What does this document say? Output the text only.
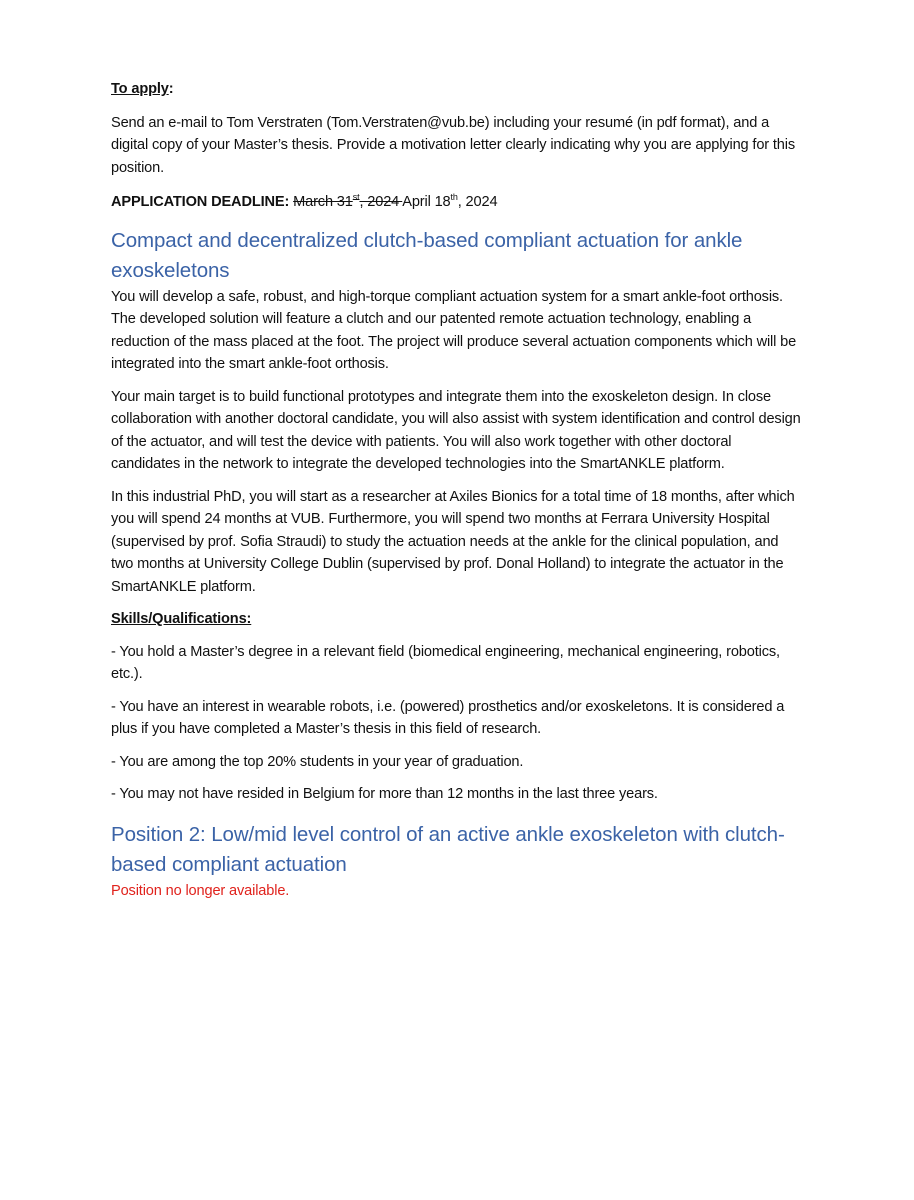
To apply:

Send an e-mail to Tom Verstraten (Tom.Verstraten@vub.be) including your resumé (in pdf format), and a digital copy of your Master’s thesis. Provide a motivation letter clearly indicating why you are applying for this position.

APPLICATION DEADLINE: March 31st, 2024 April 18th, 2024

Compact and decentralized clutch-based compliant actuation for ankle exoskeletons

You will develop a safe, robust, and high-torque compliant actuation system for a smart ankle-foot orthosis. The developed solution will feature a clutch and our patented remote actuation technology, enabling a reduction of the mass placed at the foot. The project will produce several actuation components which will be integrated into the smart ankle-foot orthosis.

Your main target is to build functional prototypes and integrate them into the exoskeleton design. In close collaboration with another doctoral candidate, you will also assist with system identification and control design of the actuator, and will test the device with patients. You will also work together with other doctoral candidates in the network to integrate the developed technologies into the SmartANKLE platform.

In this industrial PhD, you will start as a researcher at Axiles Bionics for a total time of 18 months, after which you will spend 24 months at VUB. Furthermore, you will spend two months at Ferrara University Hospital (supervised by prof. Sofia Straudi) to study the actuation needs at the ankle for the clinical population, and two months at University College Dublin (supervised by prof. Donal Holland) to integrate the actuator in the SmartANKLE platform.

Skills/Qualifications:

- You hold a Master’s degree in a relevant field (biomedical engineering, mechanical engineering, robotics, etc.).

- You have an interest in wearable robots, i.e. (powered) prosthetics and/or exoskeletons. It is considered a plus if you have completed a Master’s thesis in this field of research.

- You are among the top 20% students in your year of graduation.

- You may not have resided in Belgium for more than 12 months in the last three years.

Position 2: Low/mid level control of an active ankle exoskeleton with clutch-based compliant actuation

Position no longer available.
